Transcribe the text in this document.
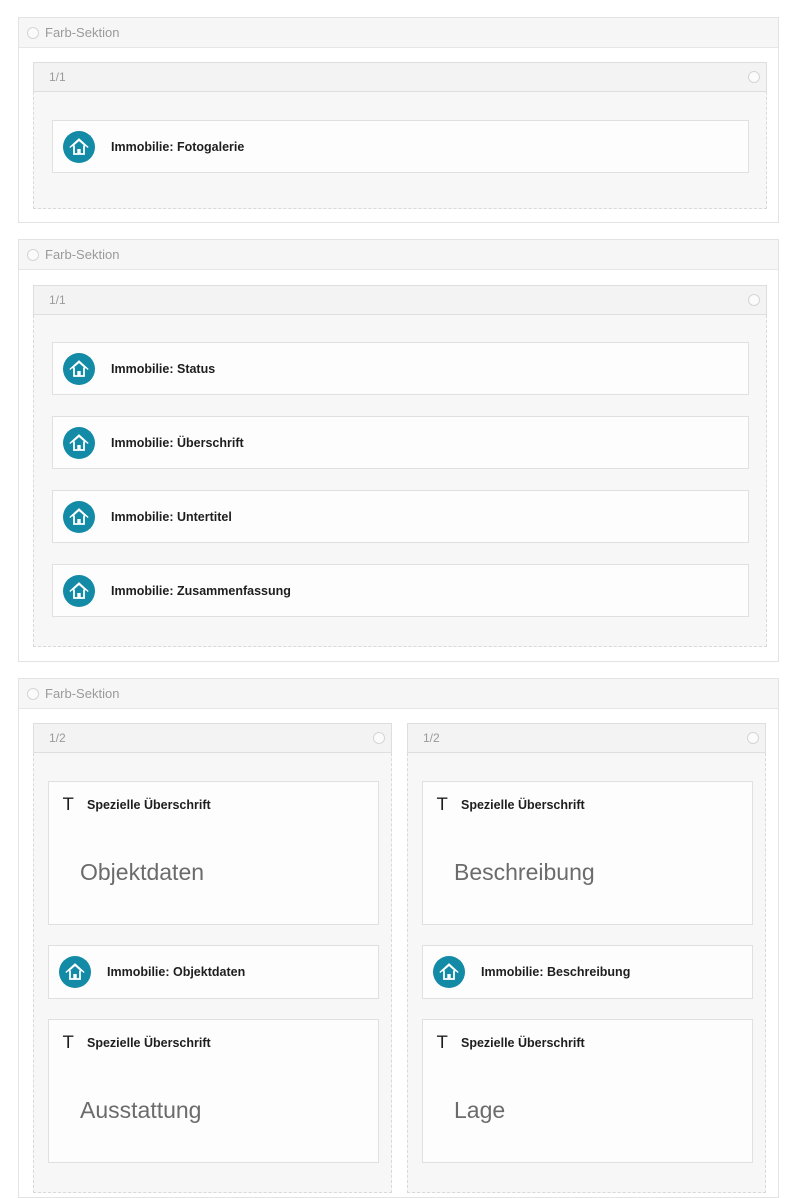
Farb-Sektion
1/1
Immobilie: Fotogalerie
Farb-Sektion
1/1
Immobilie: Status
Immobilie: Überschrift
Immobilie: Untertitel
Immobilie: Zusammenfassung
Farb-Sektion
1/2
T	Spezielle Überschrift
Objektdaten
Immobilie: Objektdaten
T	Spezielle Überschrift
Ausstattung
1/2
T	Spezielle Überschrift
Beschreibung
Immobilie: Beschreibung
T	Spezielle Überschrift
Lage
